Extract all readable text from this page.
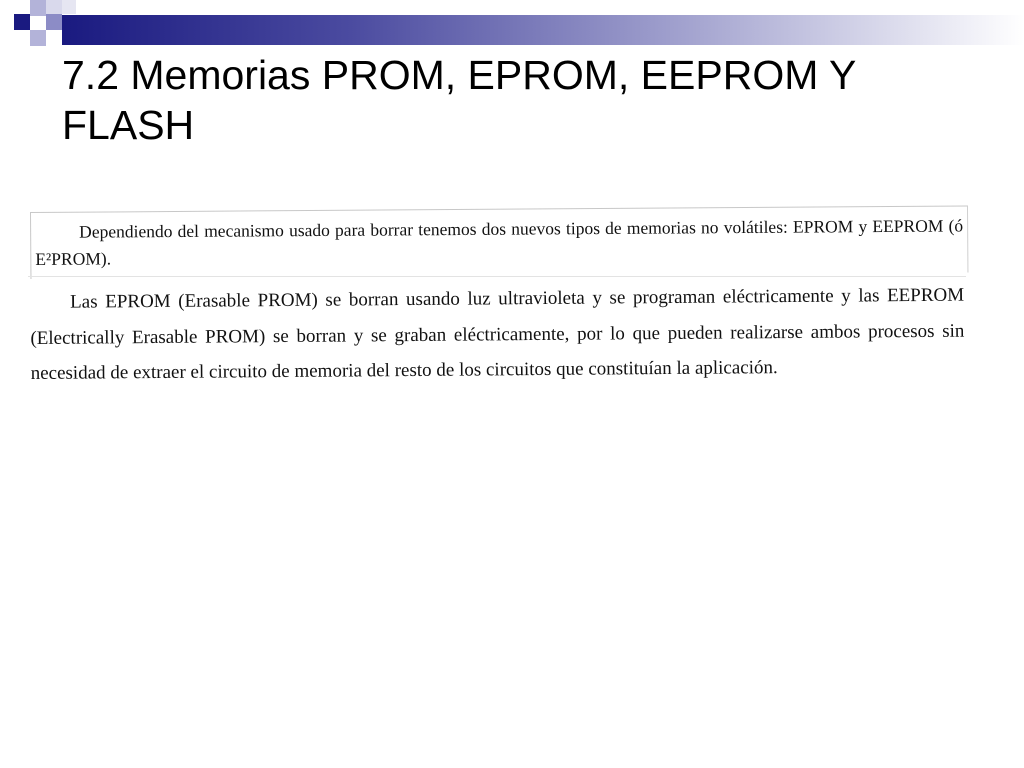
7.2 Memorias PROM, EPROM, EEPROM Y FLASH
Dependiendo del mecanismo usado para borrar tenemos dos nuevos tipos de memorias no volátiles: EPROM y EEPROM (ó E²PROM).
Las EPROM (Erasable PROM) se borran usando luz ultravioleta y se programan eléctricamente y las EEPROM (Electrically Erasable PROM) se borran y se graban eléctricamente, por lo que pueden realizarse ambos procesos sin necesidad de extraer el circuito de memoria del resto de los circuitos que constituían la aplicación.
